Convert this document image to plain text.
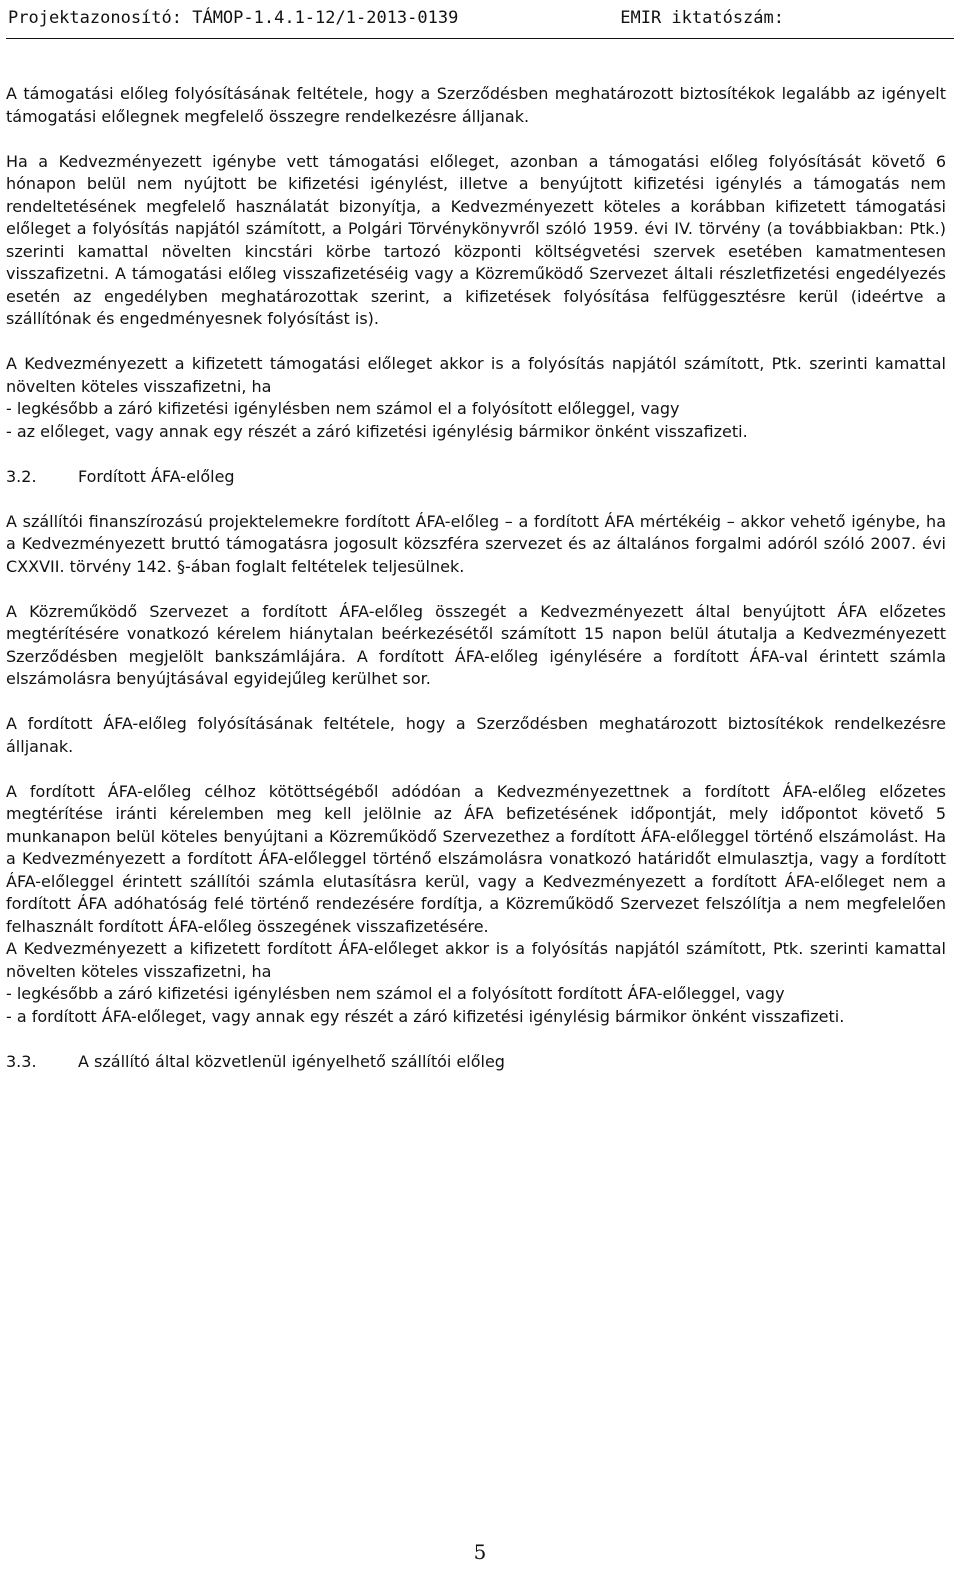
Projektazonosító: TÁMOP-1.4.1-12/1-2013-0139	EMIR iktatószám:

A támogatási előleg folyósításának feltétele, hogy a Szerződésben meghatározott biztosítékok legalább az igényelt támogatási előlegnek megfelelő összegre rendelkezésre álljanak.

Ha a Kedvezményezett igénybe vett támogatási előleget, azonban a támogatási előleg folyósítását követő 6 hónapon belül nem nyújtott be kifizetési igénylést, illetve a benyújtott kifizetési igénylés a támogatás nem rendeltetésének megfelelő használatát bizonyítja, a Kedvezményezett köteles a korábban kifizetett támogatási előleget a folyósítás napjától számított, a Polgári Törvénykönyvről szóló 1959. évi IV. törvény (a továbbiakban: Ptk.) szerinti kamattal növelten kincstári körbe tartozó központi költségvetési szervek esetében kamatmentesen visszafizetni. A támogatási előleg visszafizetéséig vagy a Közreműködő Szervezet általi részletfizetési engedélyezés esetén az engedélyben meghatározottak szerint, a kifizetések folyósítása felfüggesztésre kerül (ideértve a szállítónak és engedményesnek folyósítást is).

A Kedvezményezett a kifizetett támogatási előleget akkor is a folyósítás napjától számított, Ptk. szerinti kamattal növelten köteles visszafizetni, ha
- legkésőbb a záró kifizetési igénylésben nem számol el a folyósított előleggel, vagy
- az előleget, vagy annak egy részét a záró kifizetési igénylésig bármikor önként visszafizeti.
3.2.	Fordított ÁFA-előleg

A szállítói finanszírozású projektelemekre fordított ÁFA-előleg – a fordított ÁFA mértékéig – akkor vehető igénybe, ha a Kedvezményezett bruttó támogatásra jogosult közszféra szervezet és az általános forgalmi adóról szóló 2007. évi CXXVII. törvény 142. §-ában foglalt feltételek teljesülnek.

A Közreműködő Szervezet a fordított ÁFA-előleg összegét a Kedvezményezett által benyújtott ÁFA előzetes megtérítésére vonatkozó kérelem hiánytalan beérkezésétől számított 15 napon belül átutalja a Kedvezményezett Szerződésben megjelölt bankszámlájára. A fordított ÁFA-előleg igénylésére a fordított ÁFA-val érintett számla elszámolásra benyújtásával egyidejűleg kerülhet sor.

A fordított ÁFA-előleg folyósításának feltétele, hogy a Szerződésben meghatározott biztosítékok rendelkezésre álljanak.

A fordított ÁFA-előleg célhoz kötöttségéből adódóan a Kedvezményezettnek a fordított ÁFA-előleg előzetes megtérítése iránti kérelemben meg kell jelölnie az ÁFA befizetésének időpontját, mely időpontot követő 5 munkanapon belül köteles benyújtani a Közreműködő Szervezethez a fordított ÁFA-előleggel történő elszámolást. Ha a Kedvezményezett a fordított ÁFA-előleggel történő elszámolásra vonatkozó határidőt elmulasztja, vagy a fordított ÁFA-előleggel érintett szállítói számla elutasításra kerül, vagy a Kedvezményezett a fordított ÁFA-előleget nem a fordított ÁFA adóhatóság felé történő rendezésére fordítja, a Közreműködő Szervezet felszólítja a nem megfelelően felhasznált fordított ÁFA-előleg összegének visszafizetésére.

A Kedvezményezett a kifizetett fordított ÁFA-előleget akkor is a folyósítás napjától számított, Ptk. szerinti kamattal növelten köteles visszafizetni, ha
- legkésőbb a záró kifizetési igénylésben nem számol el a folyósított fordított ÁFA-előleggel, vagy
- a fordított ÁFA-előleget, vagy annak egy részét a záró kifizetési igénylésig bármikor önként visszafizeti.
3.3.	A szállító által közvetlenül igényelhető szállítói előleg
5
